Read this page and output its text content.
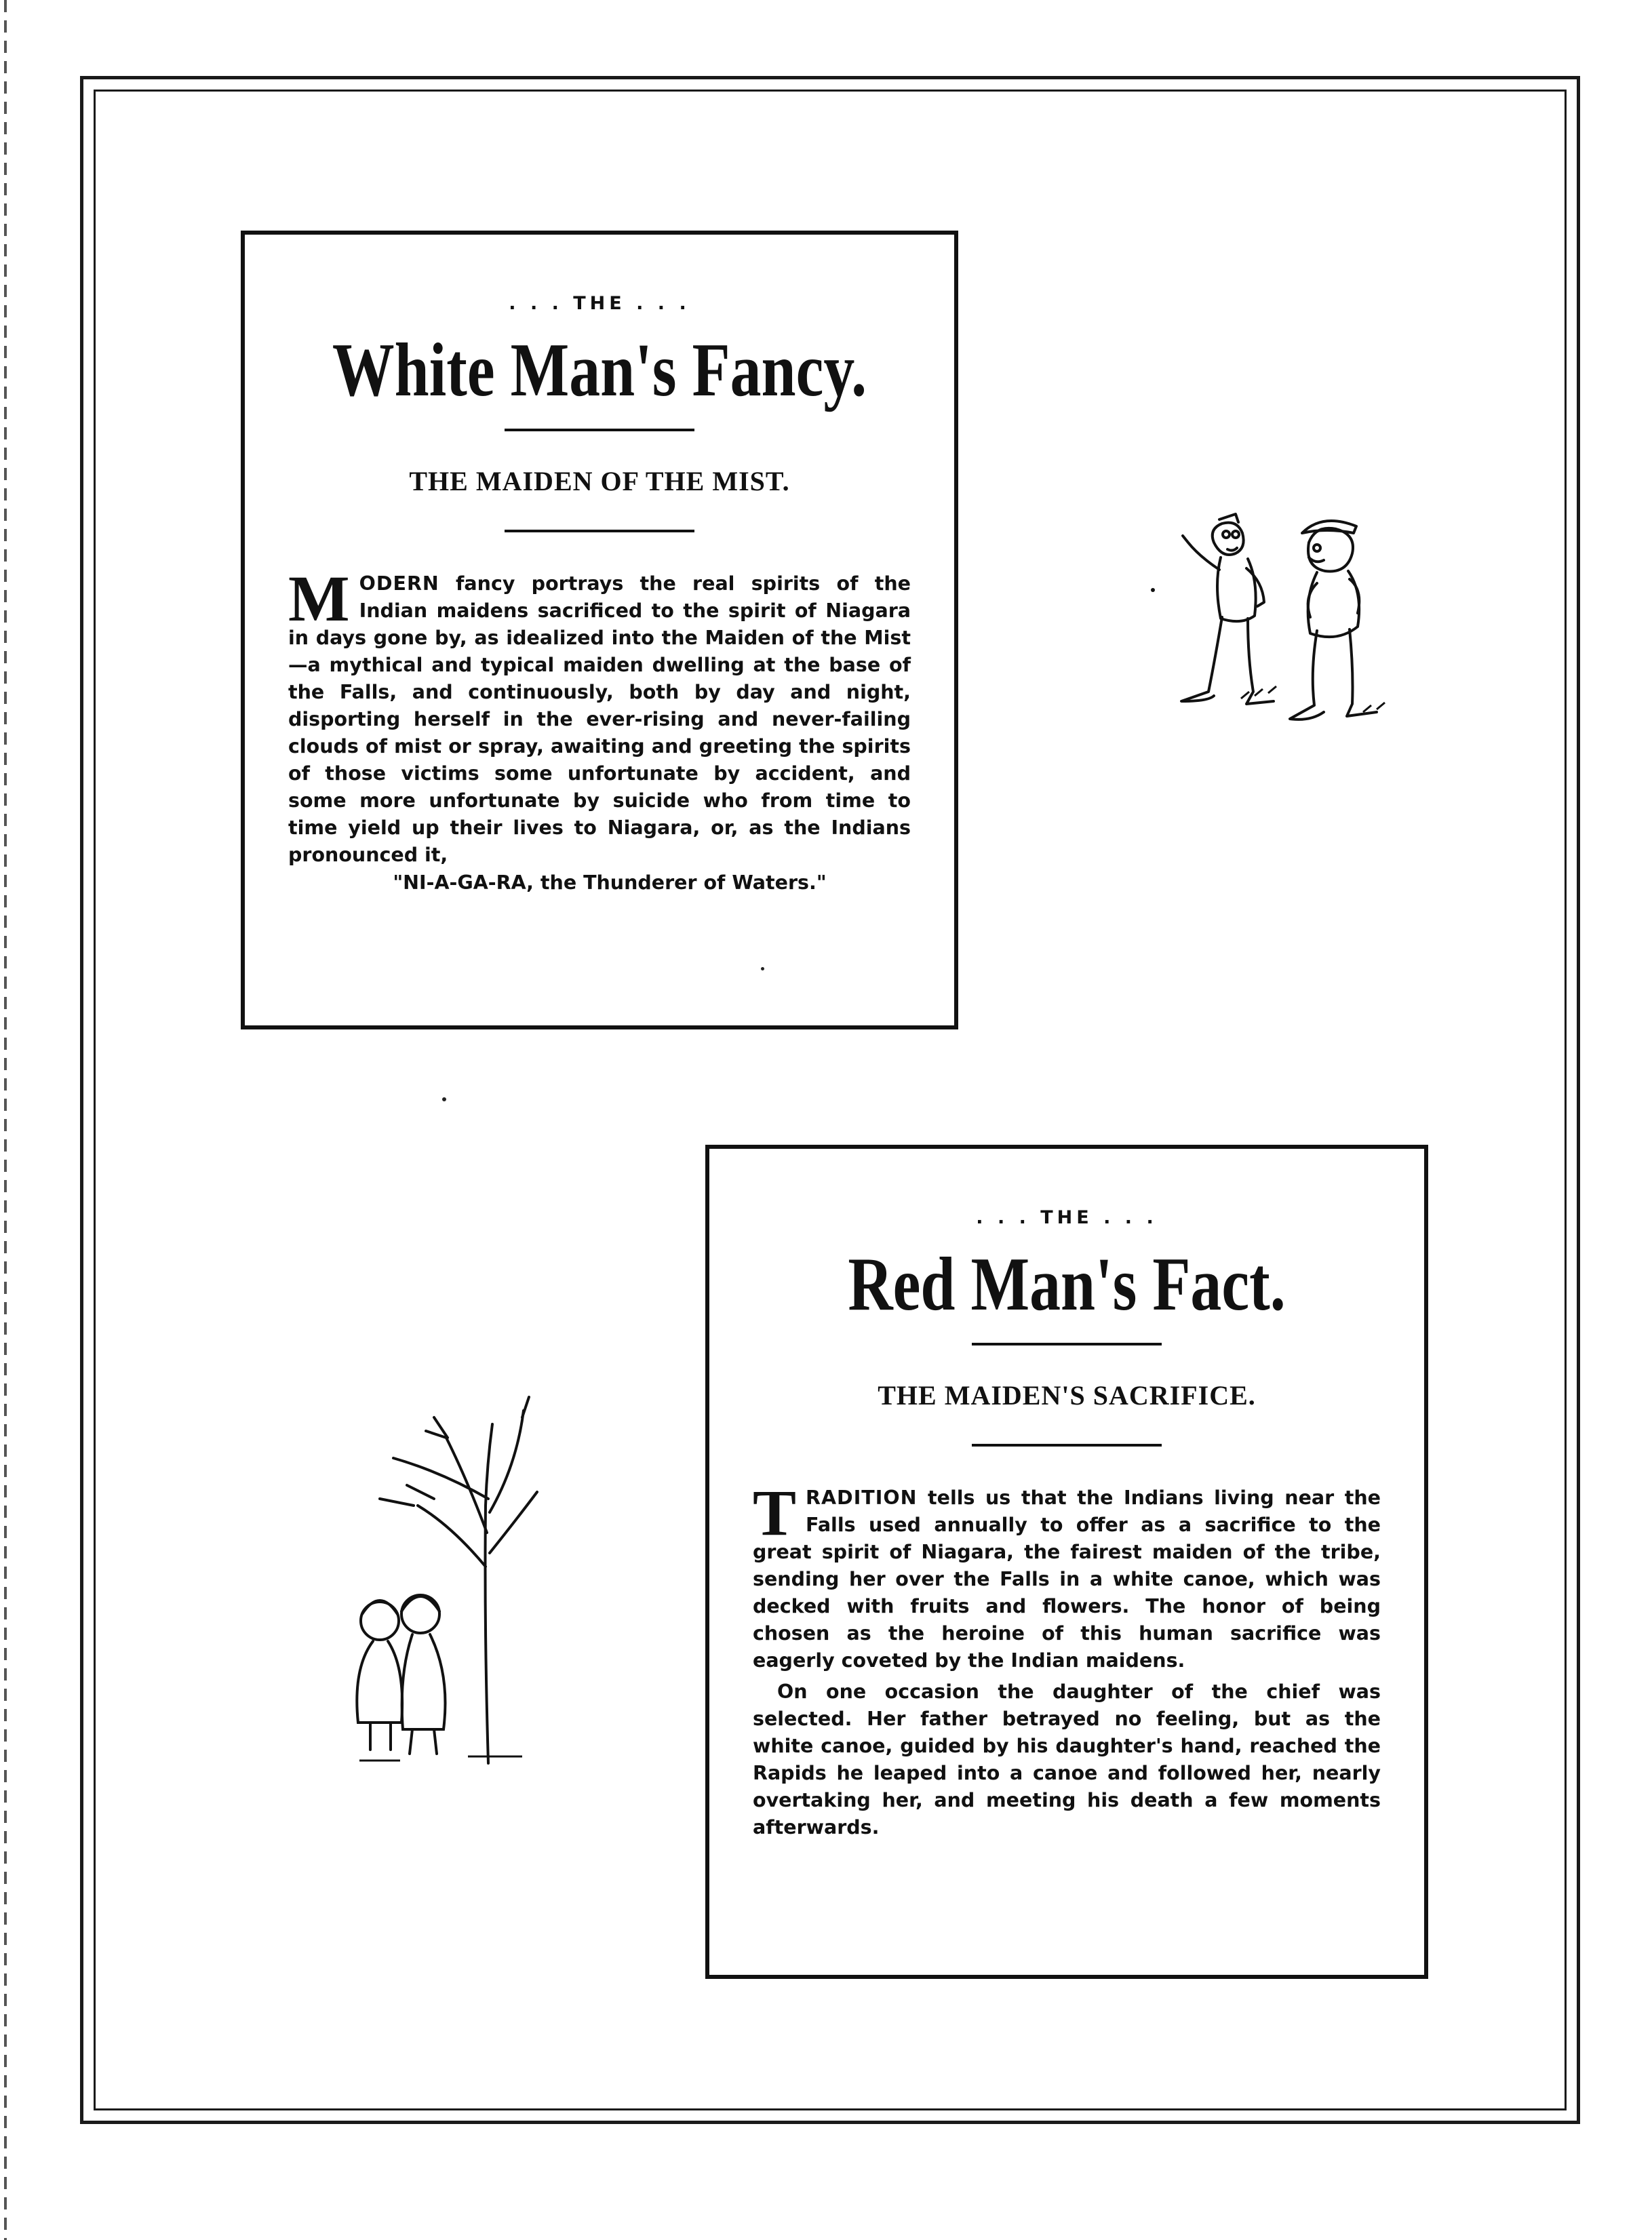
. . . THE . . .
White Man's Fancy.
THE MAIDEN OF THE MIST.

MODERN fancy portrays the real spirits of the Indian maidens sacrificed to the spirit of Niagara in days gone by, as idealized into the Maiden of the Mist—a mythical and typical maiden dwelling at the base of the Falls, and continuously, both by day and night, disporting herself in the ever-rising and never-failing clouds of mist or spray, awaiting and greeting the spirits of those victims some unfortunate by accident, and some more unfortunate by suicide who from time to time yield up their lives to Niagara, or, as the Indians pronounced it,

"NI-A-GA-RA, the Thunderer of Waters."
. . . THE . . .
Red Man's Fact.
THE MAIDEN'S SACRIFICE.

TRADITION tells us that the Indians living near the Falls used annually to offer as a sacrifice to the great spirit of Niagara, the fairest maiden of the tribe, sending her over the Falls in a white canoe, which was decked with fruits and flowers. The honor of being chosen as the heroine of this human sacrifice was eagerly coveted by the Indian maidens.

On one occasion the daughter of the chief was selected. Her father betrayed no feeling, but as the white canoe, guided by his daughter's hand, reached the Rapids he leaped into a canoe and followed her, nearly overtaking her, and meeting his death a few moments afterwards.
